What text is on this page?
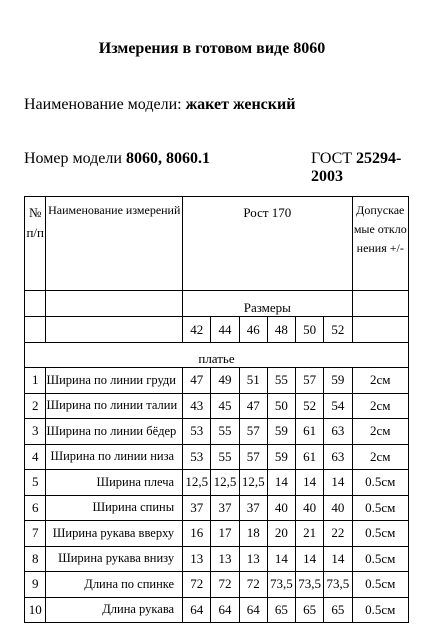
Измерения в готовом виде 8060
Наименование модели: жакет женский
Номер модели 8060, 8060.1	ГОСТ 25294-2003
№ п/п	Наименование измерений	Рост 170						Допускаемые отклонения +/-
		Размеры						
		42	44	46	48	50	52	
платье								
1	Ширина по линии груди	47	49	51	55	57	59	2см
2	Ширина по линии талии	43	45	47	50	52	54	2см
3	Ширина по линии бёдер	53	55	57	59	61	63	2см
4	Ширина по линии низа	53	55	57	59	61	63	2см
5	Ширина плеча	12,5	12,5	12,5	14	14	14	0.5см
6	Ширина спины	37	37	37	40	40	40	0.5см
7	Ширина рукава вверху	16	17	18	20	21	22	0.5см
8	Ширина рукава внизу	13	13	13	14	14	14	0.5см
9	Длина по спинке	72	72	72	73,5	73,5	73,5	0.5см
10	Длина рукава	64	64	64	65	65	65	0.5см
